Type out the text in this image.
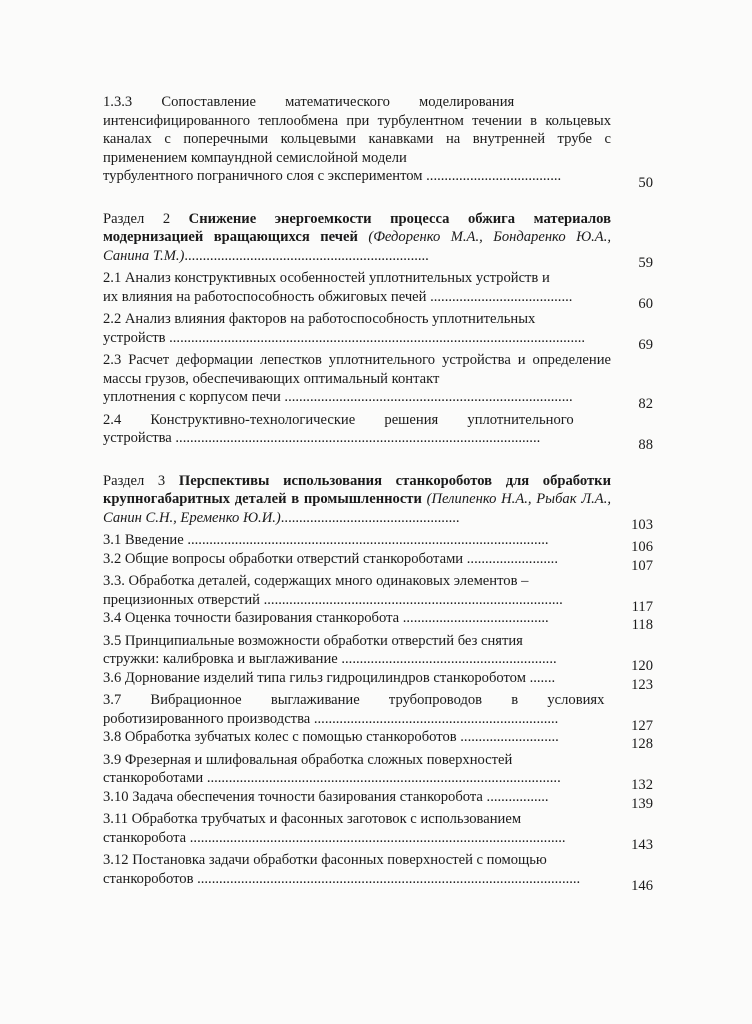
1.3.3  Сопоставление  математического  моделирования
интенсифицированного теплообмена при турбулентном течении в кольцевых каналах с поперечными кольцевыми канавками на внутренней трубе с применением компаундной семислойной модели
турбулентного пограничного слоя с экспериментом .....................................	50
Раздел 2 Снижение энергоемкости процесса обжига материалов модернизацией вращающихся печей (Федоренко М.А., Бондаренко Ю.А., Санина Т.М.)...................................................................	59
2.1 Анализ конструктивных особенностей уплотнительных устройств и
их влияния на работоспособность обжиговых печей .......................................	60
2.2 Анализ влияния факторов на работоспособность уплотнительных
устройств ..................................................................................................................	69
2.3 Расчет деформации лепестков уплотнительного устройства и определение массы грузов, обеспечивающих оптимальный контакт
уплотнения с корпусом печи ...............................................................................	82
2.4  Конструктивно-технологические  решения  уплотнительного
устройства ....................................................................................................	88
Раздел 3 Перспективы использования станкороботов для обработки крупногабаритных деталей в промышленности (Пелипенко Н.А., Рыбак Л.А., Санин С.Н., Еременко Ю.И.).................................................	103
3.1 Введение ...................................................................................................	106
3.2 Общие вопросы обработки отверстий станкороботами .........................	107
3.3. Обработка деталей, содержащих много одинаковых элементов –
прецизионных отверстий ..................................................................................	117
3.4 Оценка точности базирования станкоробота ........................................	118
3.5 Принципиальные возможности обработки отверстий без снятия
стружки: калибровка и выглаживание ...........................................................	120
3.6 Дорнование изделий типа гильз гидроцилиндров станкороботом .......	123
3.7  Вибрационное  выглаживание  трубопроводов  в  условиях
роботизированного производства ...................................................................	127
3.8 Обработка зубчатых колес с помощью станкороботов ...........................	128
3.9 Фрезерная и шлифовальная обработка сложных поверхностей
станкороботами .................................................................................................	132
3.10 Задача обеспечения точности базирования станкоробота .................	139
3.11 Обработка трубчатых и фасонных заготовок с использованием
станкоробота .......................................................................................................	143
3.12 Постановка задачи обработки фасонных поверхностей с помощью
станкороботов .........................................................................................................	146
